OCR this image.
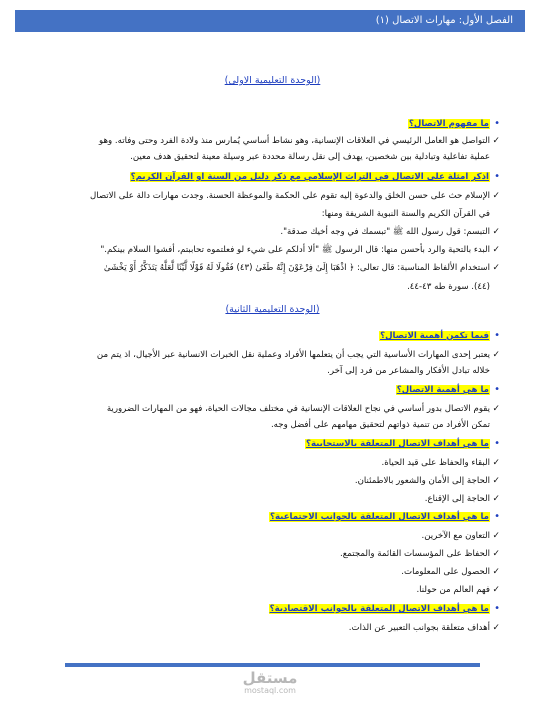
الفصل الأول: مهارات الاتصال (١)
(الوحدة التعليمية الاولى)
•
ما مفهوم الاتصال؟
✓
التواصل هو العامل الرئيسي في العلاقات الإنسانية، وهو نشاط أساسي يُمارس منذ ولادة الفرد وحتى وفاته. وهو
عملية تفاعلية وتبادلية بين شخصين، يهدف إلى نقل رسالة محددة عبر وسيلة معينة لتحقيق هدف معين.
•
اذكر امثلة على الاتصال في التراث الإسلامي مع ذكر دليل من السنة او القرآن الكريم؟
✓
الإسلام حث على حسن الخلق والدعوة إليه تقوم على الحكمة والموعظة الحسنة. وجدت مهارات دالة على الاتصال
في القرآن الكريم والسنة النبوية الشريفة ومنها:
✓
التبسم: قول رسول الله ﷺ "تبسمك في وجه أخيك صدقة".
✓
البدء بالتحية والرد بأحسن منها: قال الرسول ﷺ "ألا أدلكم على شيء لو فعلتموه تحاببتم، أفشوا السلام بينكم."
✓
استخدام الألفاظ المناسبة: قال تعالى: ﴿ اذْهَبَا إِلَىٰ فِرْعَوْنَ إِنَّهُ طَغَىٰ (٤٣) فَقُولَا لَهُ قَوْلًا لَّيِّنًا لَّعَلَّهُ يَتَذَكَّرُ أَوْ يَخْشَىٰ
(٤٤). سورة طه ٤٣-٤٤.
(الوحدة التعليمية الثانية)
•
فيما تكمن أهمية الاتصال؟
✓
يعتبر إحدى المهارات الأساسية التي يجب أن يتعلمها الأفراد وعملية نقل الخبرات الانسانية عبر الأجيال، اذ يتم من
خلاله تبادل الأفكار والمشاعر من فرد إلى آخر.
•
ما هي أهمية الاتصال؟
✓
يقوم الاتصال بدور أساسي في نجاح العلاقات الإنسانية في مختلف مجالات الحياة، فهو من المهارات الضرورية
تمكن الأفراد من تنمية ذواتهم لتحقيق مهامهم على أفضل وجه.
•
ما هي أهداف الاتصال المتعلقة بالاستجابية؟
✓
البقاء والحفاظ على قيد الحياة.
✓
الحاجة إلى الأمان والشعور بالاطمئنان.
✓
الحاجة إلى الإقناع.
•
ما هي أهداف الاتصال المتعلقة بالجوانب الاجتماعية؟
✓
التعاون مع الآخرين.
✓
الحفاظ على المؤسسات القائمة والمجتمع.
✓
الحصول على المعلومات.
✓
فهم العالم من حولنا.
•
ما هي أهداف الاتصال المتعلقة بالجوانب الاقتصادية؟
✓
أهداف متعلقة بجوانب التعبير عن الذات.
مستقل
mostaql.com
